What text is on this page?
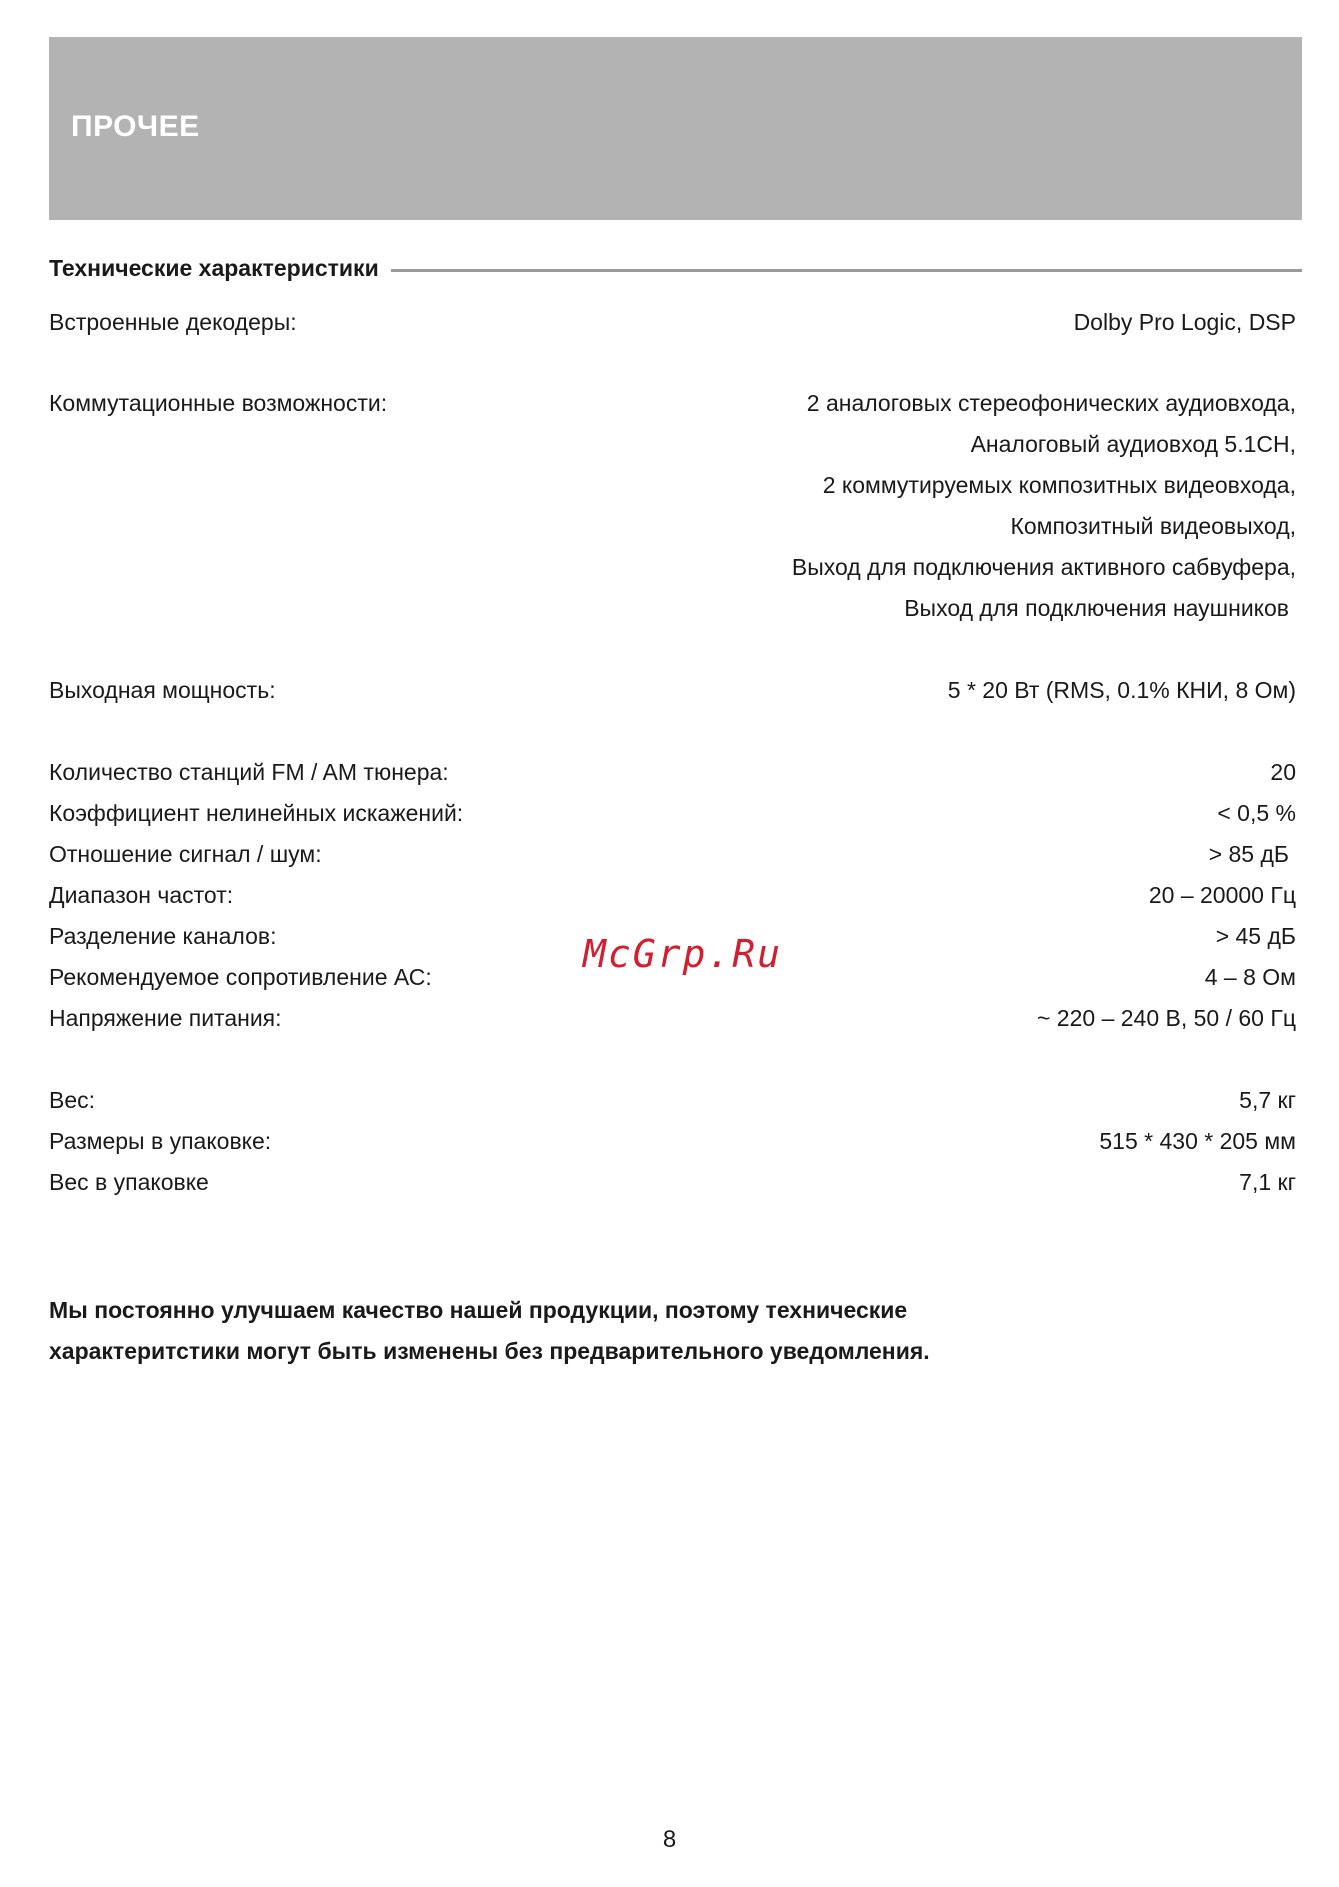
ПРОЧЕЕ
Технические характеристики
Встроенные декодеры:	Dolby Pro Logic, DSP
Коммутационные возможности:	2 аналоговых стереофонических аудиовхода,
Аналоговый аудиовход 5.1CH,
2 коммутируемых композитных видеовхода,
Композитный видеовыход,
Выход для подключения активного сабвуфера,
Выход для подключения наушников
Выходная мощность:	5 * 20 Вт (RMS, 0.1% КНИ, 8 Ом)
Количество станций FM / AM тюнера:	20
Коэффициент нелинейных искажений:	< 0,5 %
Отношение сигнал / шум:	> 85 дБ
Диапазон частот:	20 – 20000 Гц
Разделение каналов:	> 45 дБ
Рекомендуемое сопротивление АС:	4 – 8 Ом
Напряжение питания:	~ 220 – 240 В, 50 / 60 Гц
Вес:	5,7 кг
Размеры в упаковке:	515 * 430 * 205 мм
Вес в упаковке	7,1 кг
McGrp.Ru
Мы постоянно улучшаем качество нашей продукции, поэтому технические
характеритстики могут быть изменены без предварительного уведомления.
8
